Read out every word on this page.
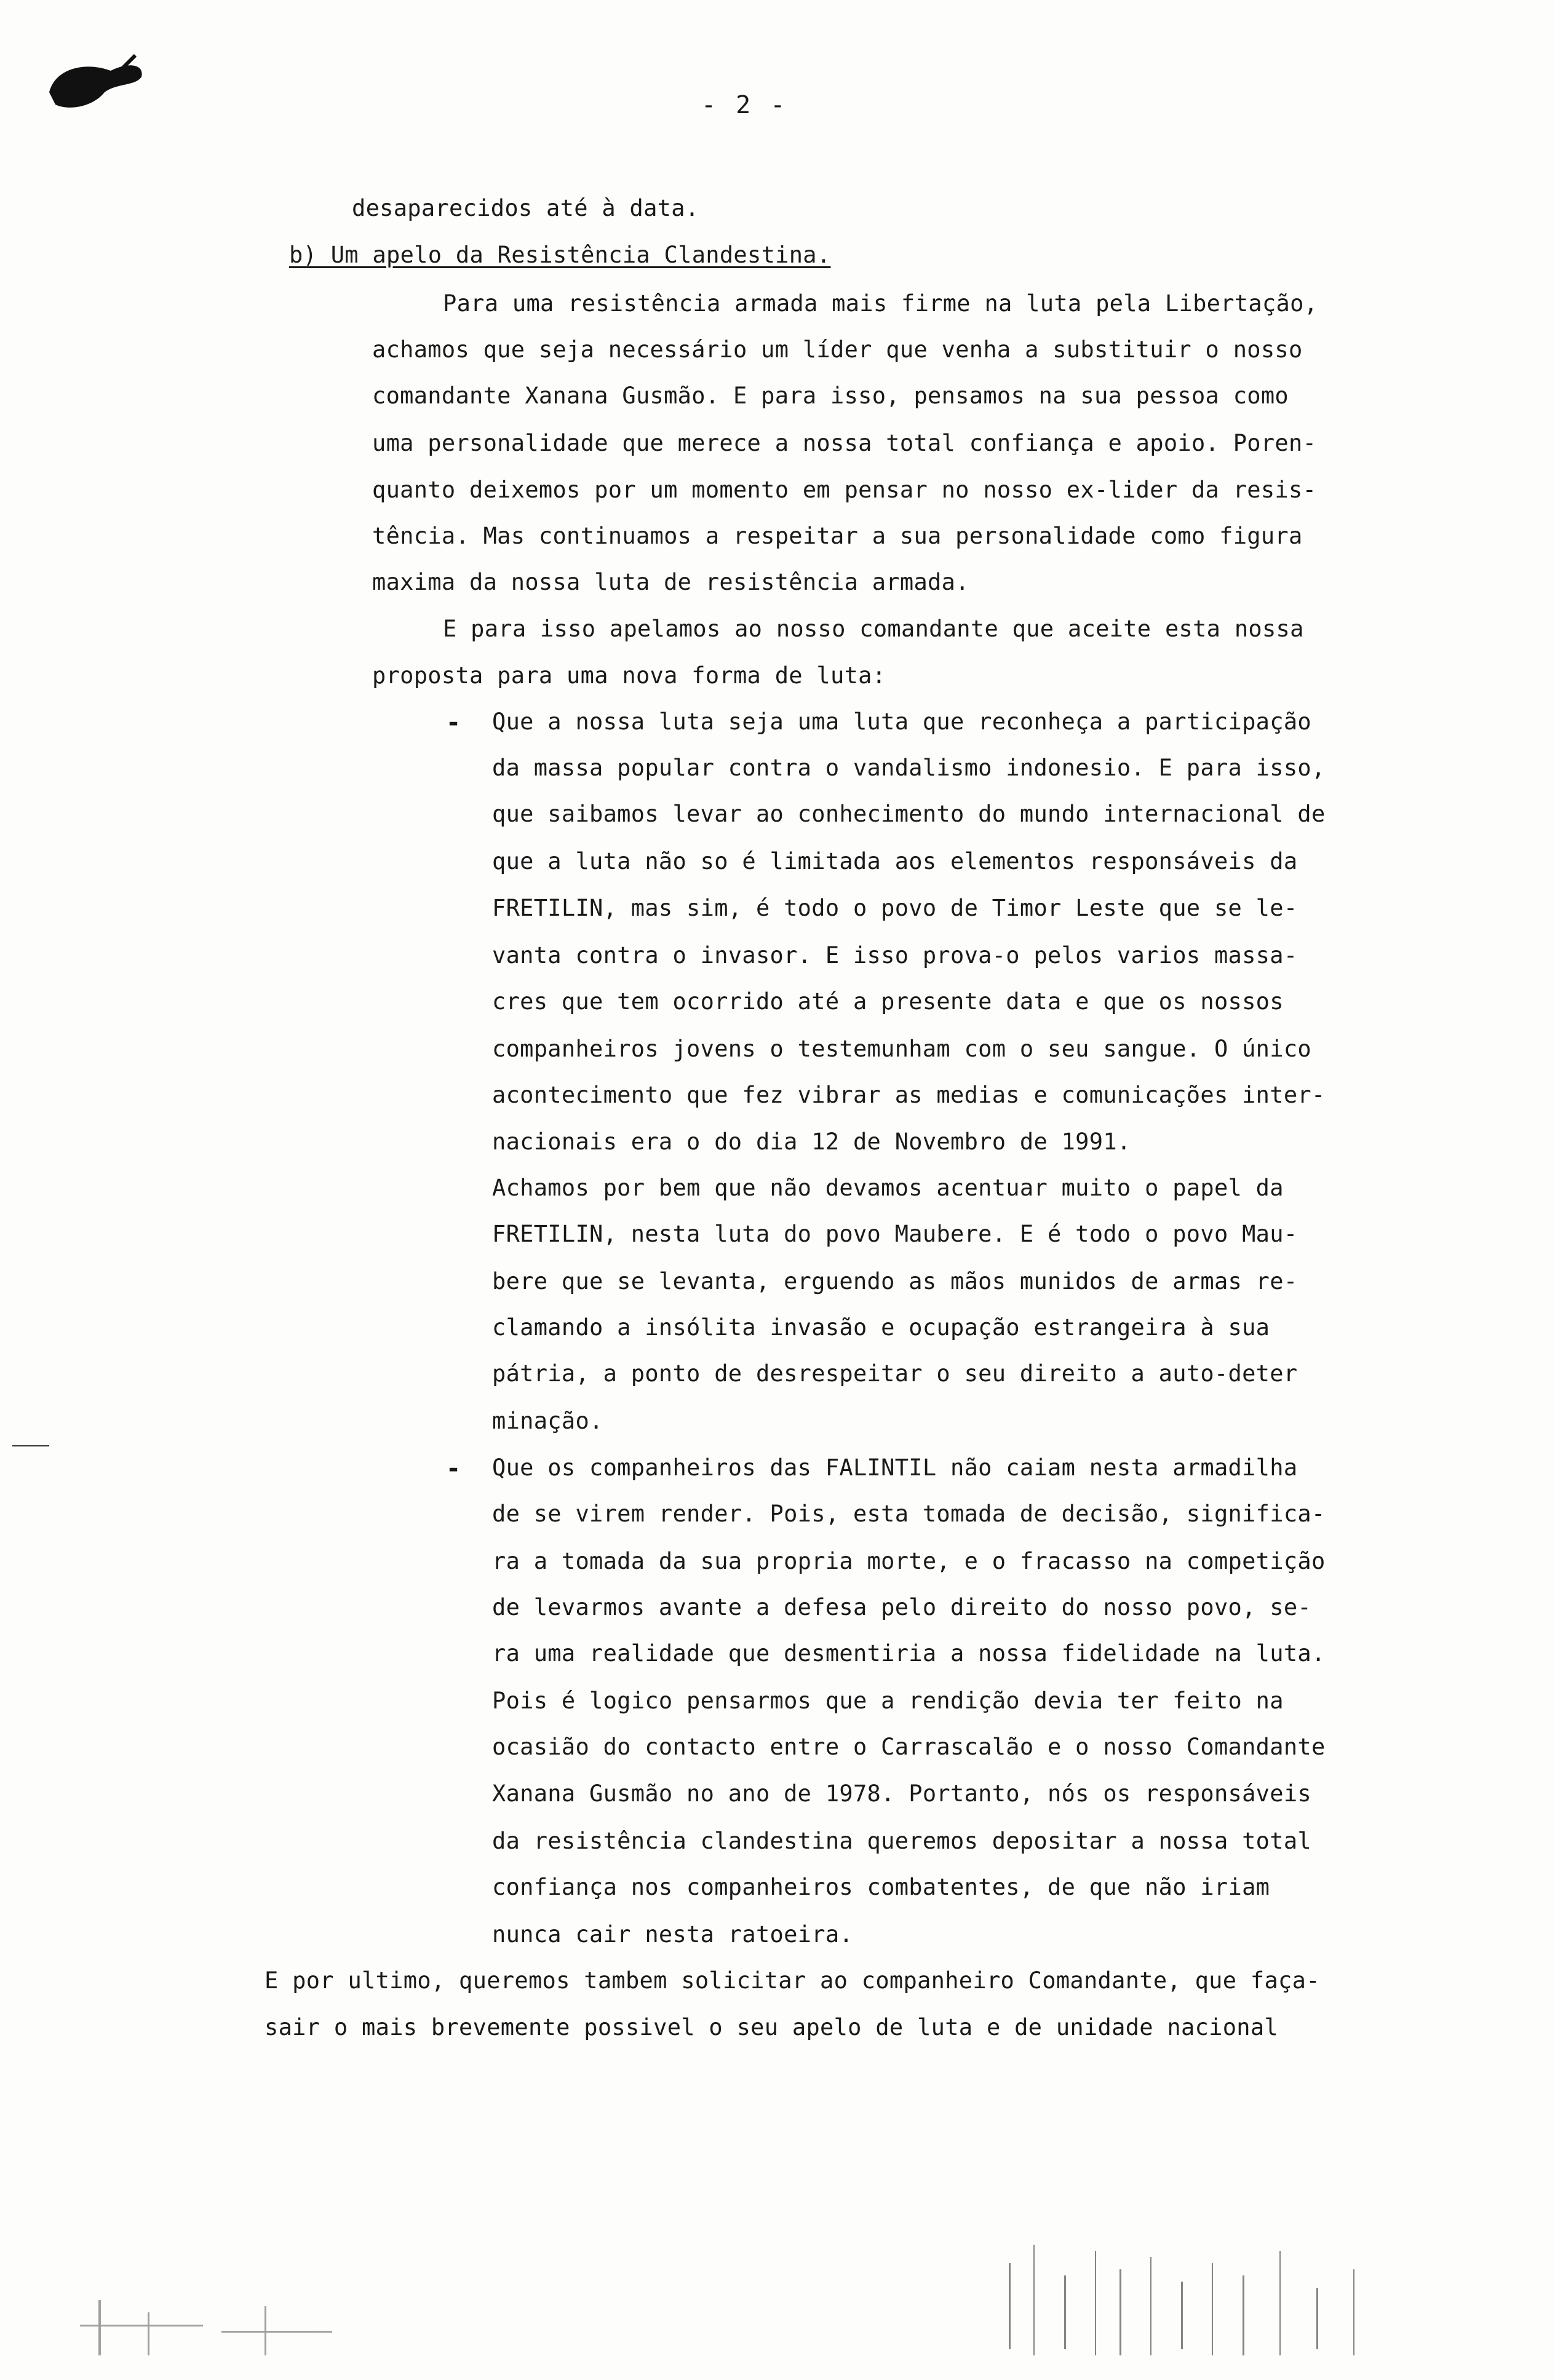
- 2 -
desaparecidos até à data.
b) Um apelo da Resistência Clandestina.
Para uma resistência armada mais firme na luta pela Libertação,
achamos que seja necessário um líder que venha a substituir o nosso
comandante Xanana Gusmão. E para isso, pensamos na sua pessoa como
uma personalidade que merece a nossa total confiança e apoio. Poren-
quanto deixemos por um momento em pensar no nosso ex-lider da resis-
tência. Mas continuamos a respeitar a sua personalidade como figura
maxima da nossa luta de resistência armada.
E para isso apelamos ao nosso comandante que aceite esta nossa
proposta para uma nova forma de luta:
- Que a nossa luta seja uma luta que reconheça a participação
da massa popular contra o vandalismo indonesio. E para isso,
que saibamos levar ao conhecimento do mundo internacional de
que a luta não so é limitada aos elementos responsáveis da
FRETILIN, mas sim, é todo o povo de Timor Leste que se le-
vanta contra o invasor. E isso prova-o pelos varios massa-
cres que tem ocorrido até a presente data e que os nossos
companheiros jovens o testemunham com o seu sangue. O único
acontecimento que fez vibrar as medias e comunicações inter-
nacionais era o do dia 12 de Novembro de 1991.
Achamos por bem que não devamos acentuar muito o papel da
FRETILIN, nesta luta do povo Maubere. E é todo o povo Mau-
bere que se levanta, erguendo as mãos munidos de armas re-
clamando a insólita invasão e ocupação estrangeira à sua
pátria, a ponto de desrespeitar o seu direito a auto-deter
minação.
- Que os companheiros das FALINTIL não caiam nesta armadilha
de se virem render. Pois, esta tomada de decisão, significa-
ra a tomada da sua propria morte, e o fracasso na competição
de levarmos avante a defesa pelo direito do nosso povo, se-
ra uma realidade que desmentiria a nossa fidelidade na luta.
Pois é logico pensarmos que a rendição devia ter feito na
ocasião do contacto entre o Carrascalão e o nosso Comandante
Xanana Gusmão no ano de 1978. Portanto, nós os responsáveis
da resistência clandestina queremos depositar a nossa total
confiança nos companheiros combatentes, de que não iriam
nunca cair nesta ratoeira.
E por ultimo, queremos tambem solicitar ao companheiro Comandante, que faça-
sair o mais brevemente possivel o seu apelo de luta e de unidade nacional
